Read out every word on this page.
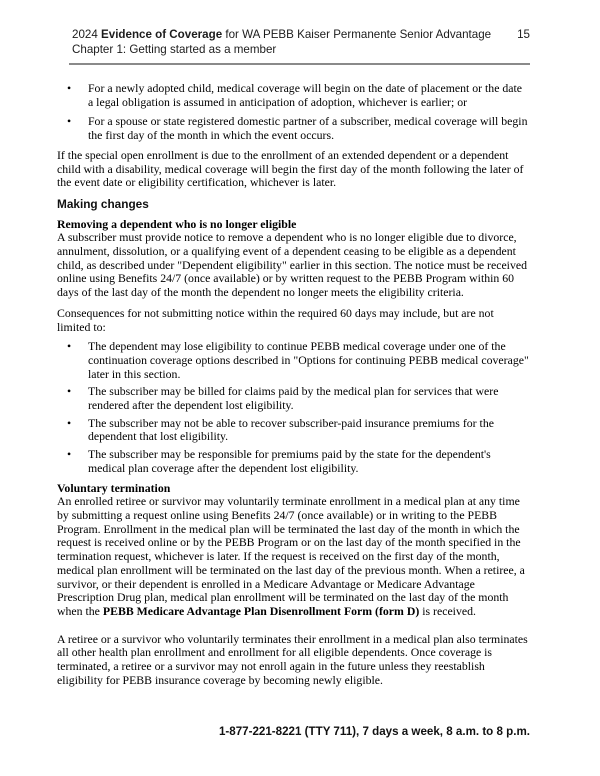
2024 Evidence of Coverage for WA PEBB Kaiser Permanente Senior Advantage 15
Chapter 1: Getting started as a member
•	For a newly adopted child, medical coverage will begin on the date of placement or the date a legal obligation is assumed in anticipation of adoption, whichever is earlier; or
•	For a spouse or state registered domestic partner of a subscriber, medical coverage will begin the first day of the month in which the event occurs.

If the special open enrollment is due to the enrollment of an extended dependent or a dependent child with a disability, medical coverage will begin the first day of the month following the later of the event date or eligibility certification, whichever is later.

Making changes
Removing a dependent who is no longer eligible

A subscriber must provide notice to remove a dependent who is no longer eligible due to divorce, annulment, dissolution, or a qualifying event of a dependent ceasing to be eligible as a dependent child, as described under "Dependent eligibility" earlier in this section. The notice must be received online using Benefits 24/7 (once available) or by written request to the PEBB Program within 60 days of the last day of the month the dependent no longer meets the eligibility criteria.

Consequences for not submitting notice within the required 60 days may include, but are not limited to:

•	The dependent may lose eligibility to continue PEBB medical coverage under one of the continuation coverage options described in "Options for continuing PEBB medical coverage" later in this section.
•	The subscriber may be billed for claims paid by the medical plan for services that were rendered after the dependent lost eligibility.
•	The subscriber may not be able to recover subscriber-paid insurance premiums for the dependent that lost eligibility.
•	The subscriber may be responsible for premiums paid by the state for the dependent's medical plan coverage after the dependent lost eligibility.
Voluntary termination

An enrolled retiree or survivor may voluntarily terminate enrollment in a medical plan at any time by submitting a request online using Benefits 24/7 (once available) or in writing to the PEBB Program. Enrollment in the medical plan will be terminated the last day of the month in which the request is received online or by the PEBB Program or on the last day of the month specified in the termination request, whichever is later. If the request is received on the first day of the month, medical plan enrollment will be terminated on the last day of the previous month. When a retiree, a survivor, or their dependent is enrolled in a Medicare Advantage or Medicare Advantage Prescription Drug plan, medical plan enrollment will be terminated on the last day of the month when the PEBB Medicare Advantage Plan Disenrollment Form (form D) is received.

A retiree or a survivor who voluntarily terminates their enrollment in a medical plan also terminates all other health plan enrollment and enrollment for all eligible dependents. Once coverage is terminated, a retiree or a survivor may not enroll again in the future unless they reestablish eligibility for PEBB insurance coverage by becoming newly eligible.

1-877-221-8221 (TTY 711), 7 days a week, 8 a.m. to 8 p.m.
